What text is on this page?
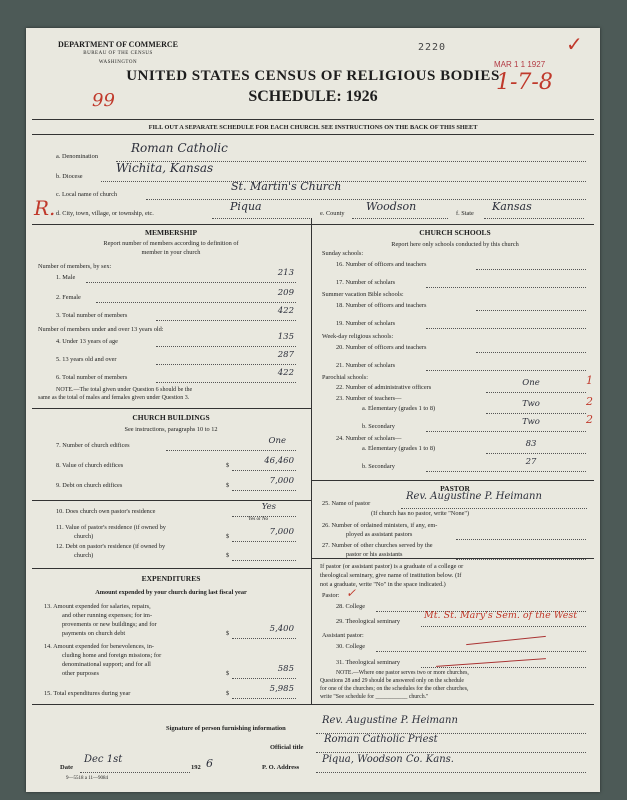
DEPARTMENT OF COMMERCE
BUREAU OF THE CENSUS
WASHINGTON
2220
MAR 1 1 1927
1-7-8
✓
UNITED STATES CENSUS OF RELIGIOUS BODIES
SCHEDULE: 1926
99
FILL OUT A SEPARATE SCHEDULE FOR EACH CHURCH. SEE INSTRUCTIONS ON THE BACK OF THIS SHEET
a. Denomination
Roman Catholic
b. Diocese
Wichita, Kansas
c. Local name of church
St. Martin's Church
d. City, town, village, or township, etc.
Piqua
e. County
Woodson
f. State
Kansas
R.
MEMBERSHIP
Report number of members according to definition of
member in your church
Number of members, by sex:
1. Male	213
2. Female	209
3. Total number of members	422
Number of members under and over 13 years old:
4. Under 13 years of age	135
5. 13 years old and over	287
6. Total number of members	422
NOTE.—The total given under Question 6 should be the
same as the total of males and females given under Question 3.
CHURCH BUILDINGS
See instructions, paragraphs 10 to 12
7. Number of church edifices	One
8. Value of church edifices	$	46,460
9. Debt on church edifices	$	7,000
10. Does church own pastor's residence	Yes
Yes or No
11. Value of pastor's residence (if owned by
church)	$	7,000
12. Debt on pastor's residence (if owned by
church)	$
EXPENDITURES
Amount expended by your church during last fiscal year
13. Amount expended for salaries, repairs,
and other running expenses; for im-
provements or new buildings; and for
payments on church debt	$	5,400
14. Amount expended for benevolences, in-
cluding home and foreign missions; for
denominational support; and for all
other purposes	$	585
15. Total expenditures during year	$	5,985
CHURCH SCHOOLS
Report here only schools conducted by this church
Sunday schools:
16. Number of officers and teachers
17. Number of scholars
Summer vacation Bible schools:
18. Number of officers and teachers
19. Number of scholars
Week-day religious schools:
20. Number of officers and teachers
21. Number of scholars
Parochial schools:
22. Number of administrative officers	One	1
23. Number of teachers—
a. Elementary (grades 1 to 8)	Two	2
b. Secondary	Two	2
24. Number of scholars—
a. Elementary (grades 1 to 8)	83
b. Secondary	27
PASTOR
25. Name of pastor
Rev. Augustine P. Heimann
(If church has no pastor, write "None")
26. Number of ordained ministers, if any, em-
ployed as assistant pastors
27. Number of other churches served by the
pastor or his assistants
If pastor (or assistant pastor) is a graduate of a college or
theological seminary, give name of institution below. (If
not a graduate, write "No" in the space indicated.)
Pastor: ✓
28. College
29. Theological seminary
Mt. St. Mary's Sem. of the West
Assistant pastor:
30. College
31. Theological seminary
NOTE.—Where one pastor serves two or more churches,
Questions 28 and 29 should be answered only on the schedule
for one of the churches; on the schedules for the other churches,
write "See schedule for ___________ church."
Signature of person furnishing information
Rev. Augustine P. Heimann
Official title
Roman Catholic Priest
Date
Dec 1st
192 6	P. O. Address
Piqua, Woodson Co. Kans.
9—5518 a 11—9084
